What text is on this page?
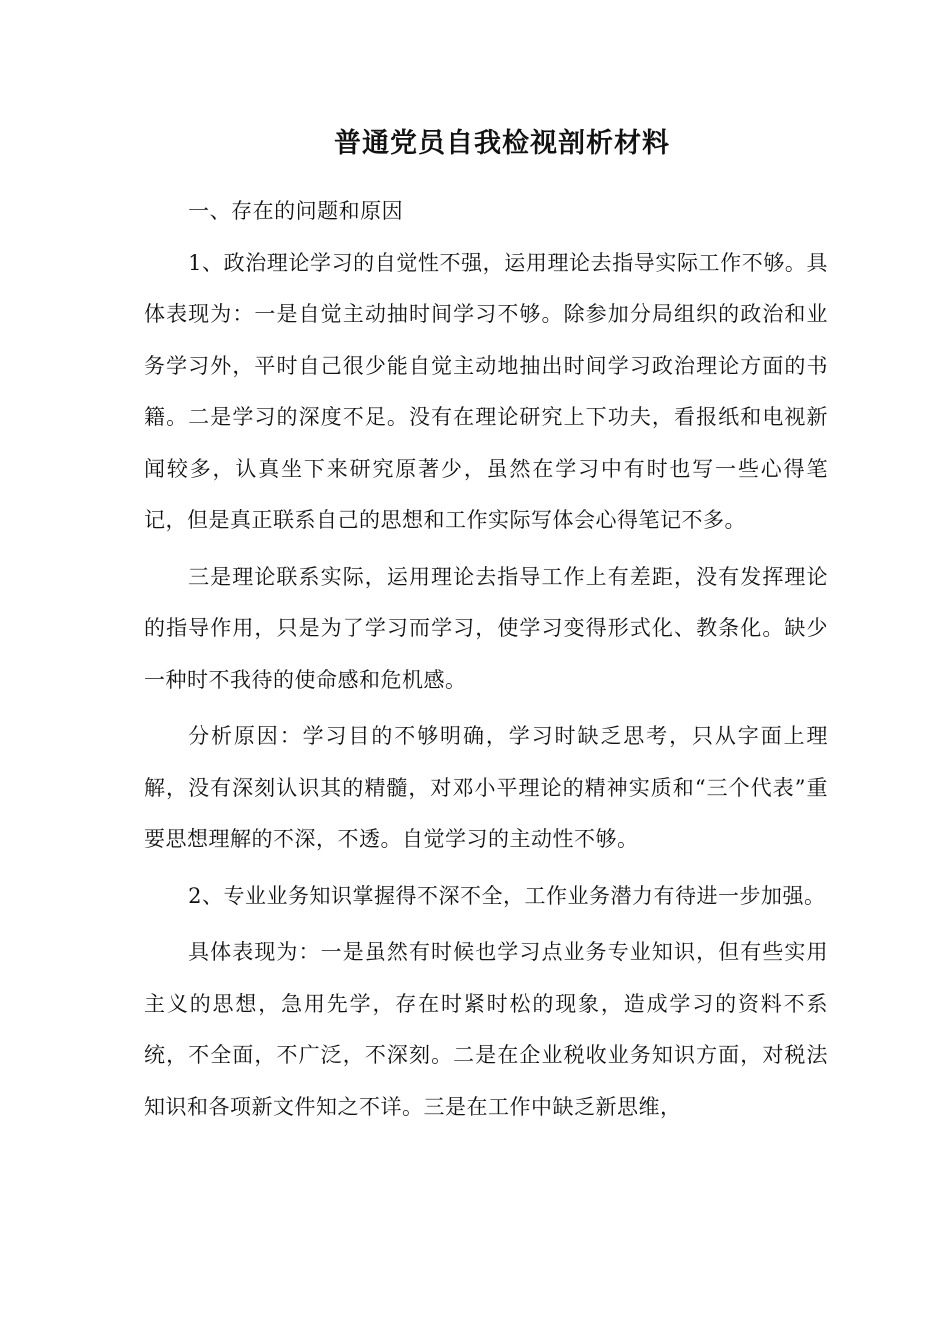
普通党员自我检视剖析材料

一、存在的问题和原因

1、政治理论学习的自觉性不强，运用理论去指导实际工作不够。具体表现为：一是自觉主动抽时间学习不够。除参加分局组织的政治和业务学习外，平时自己很少能自觉主动地抽出时间学习政治理论方面的书籍。二是学习的深度不足。没有在理论研究上下功夫，看报纸和电视新闻较多，认真坐下来研究原著少，虽然在学习中有时也写一些心得笔记，但是真正联系自己的思想和工作实际写体会心得笔记不多。

三是理论联系实际，运用理论去指导工作上有差距，没有发挥理论的指导作用，只是为了学习而学习，使学习变得形式化、教条化。缺少一种时不我待的使命感和危机感。

分析原因：学习目的不够明确，学习时缺乏思考，只从字面上理解，没有深刻认识其的精髓，对邓小平理论的精神实质和“三个代表”重要思想理解的不深，不透。自觉学习的主动性不够。

2、专业业务知识掌握得不深不全，工作业务潜力有待进一步加强。

具体表现为：一是虽然有时候也学习点业务专业知识，但有些实用主义的思想，急用先学，存在时紧时松的现象，造成学习的资料不系统，不全面，不广泛，不深刻。二是在企业税收业务知识方面，对税法知识和各项新文件知之不详。三是在工作中缺乏新思维，
